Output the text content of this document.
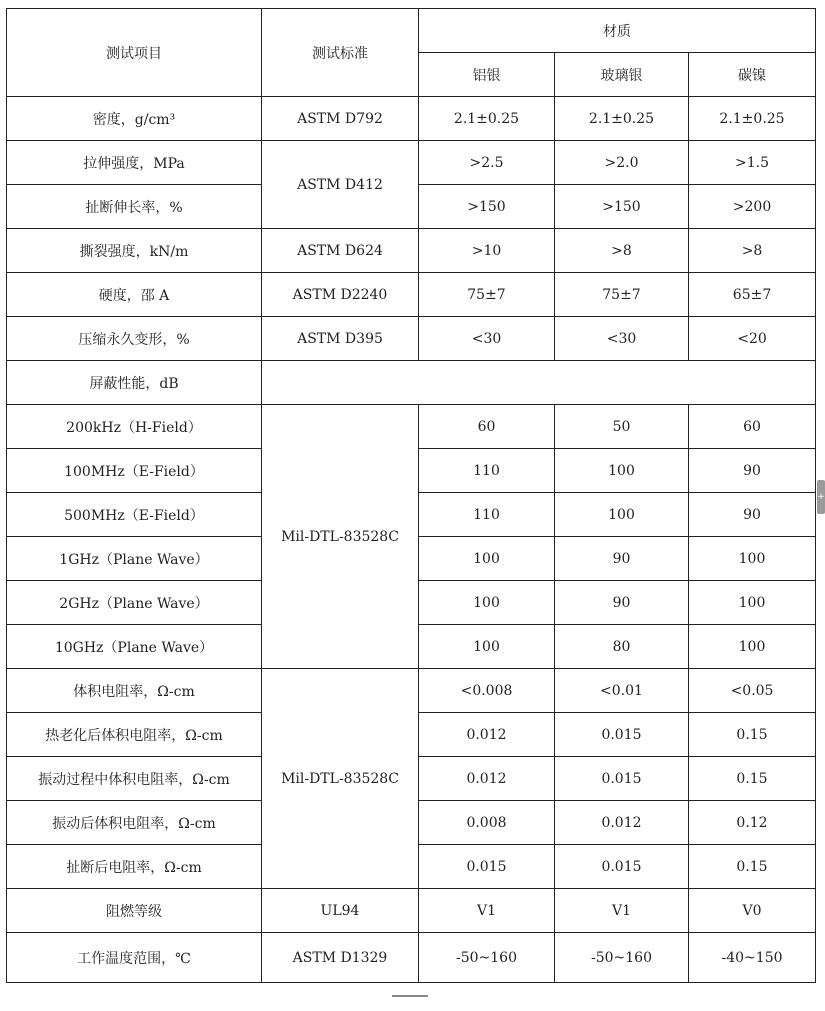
测试项目	测试标准	材质		
		铝银	玻璃银	碳镍
密度，g/cm³	ASTM D792	2.1±0.25	2.1±0.25	2.1±0.25
拉伸强度，MPa	ASTM D412	>2.5	>2.0	>1.5
扯断伸长率，%		>150	>150	>200
撕裂强度，kN/m	ASTM D624	>10	>8	>8
硬度，邵 A	ASTM D2240	75±7	75±7	65±7
压缩永久变形，%	ASTM D395	<30	<30	<20
屏蔽性能，dB				
200kHz（H-Field）	Mil-DTL-83528C	60	50	60
100MHz（E-Field）		110	100	90
500MHz（E-Field）		110	100	90
1GHz（Plane Wave）		100	90	100
2GHz（Plane Wave）		100	90	100
10GHz（Plane Wave）		100	80	100
体积电阻率，Ω-cm	Mil-DTL-83528C	<0.008	<0.01	<0.05
热老化后体积电阻率，Ω-cm		0.012	0.015	0.15
振动过程中体积电阻率，Ω-cm		0.012	0.015	0.15
振动后体积电阻率，Ω-cm		0.008	0.012	0.12
扯断后电阻率，Ω-cm		0.015	0.015	0.15
阻燃等级	UL94	V1	V1	V0
工作温度范围，℃	ASTM D1329	-50~160	-50~160	-40~150
+
